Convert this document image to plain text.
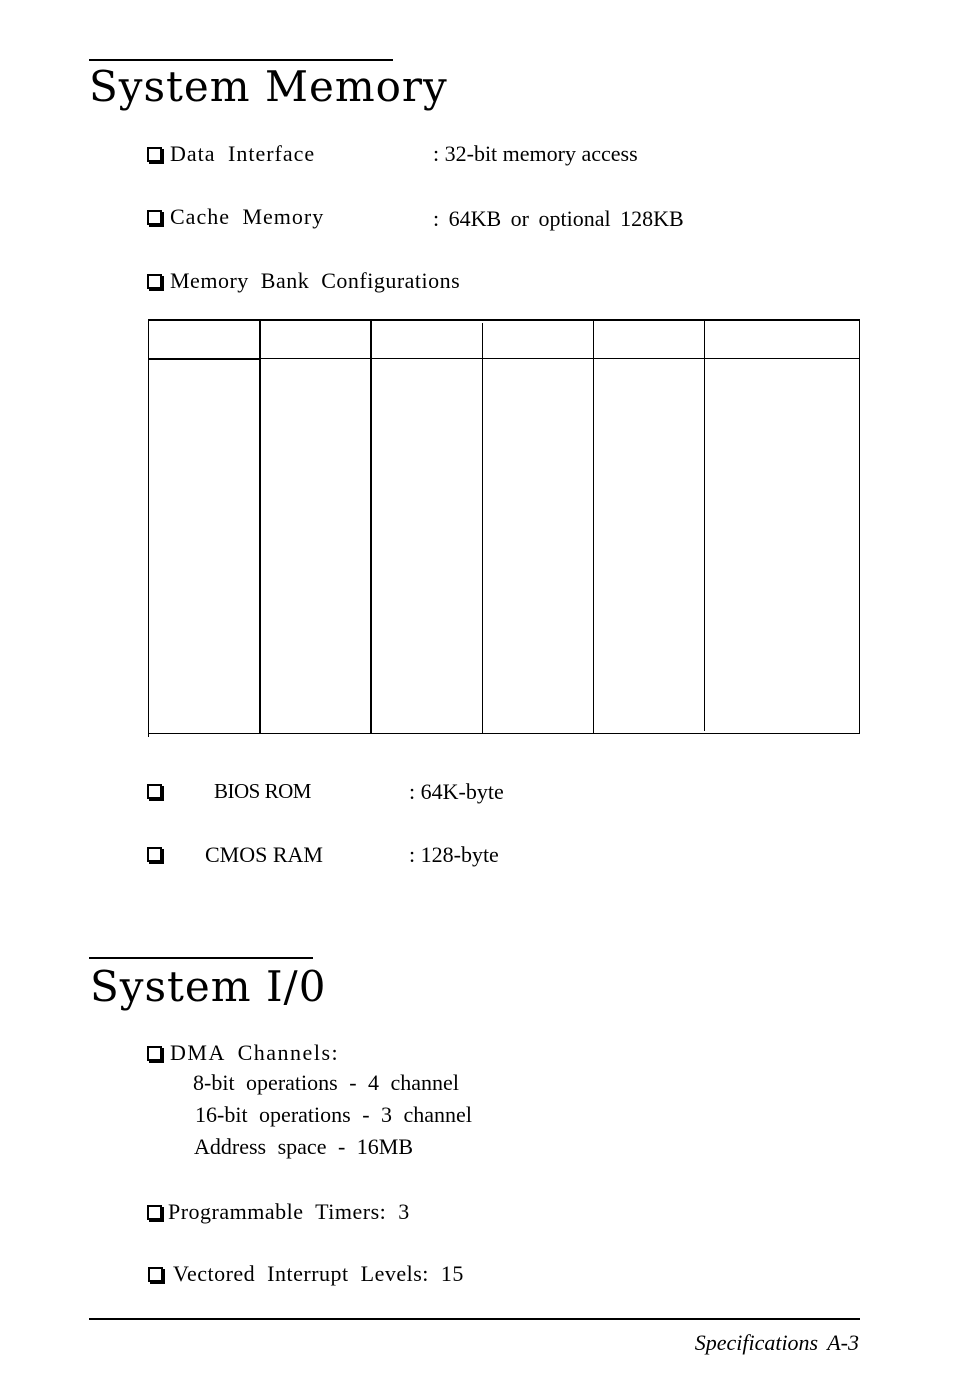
System Memory
Data Interface	: 32-bit memory access
Cache Memory	: 64KB or optional 128KB
Memory Bank Configurations
BIOS ROM	: 64K-byte
CMOS RAM	: 128-byte
System I/0
DMA Channels:
8-bit operations - 4 channel
16-bit operations - 3 channel
Address space - 16MB
Programmable Timers: 3
Vectored Interrupt Levels: 15
Specifications A-3
